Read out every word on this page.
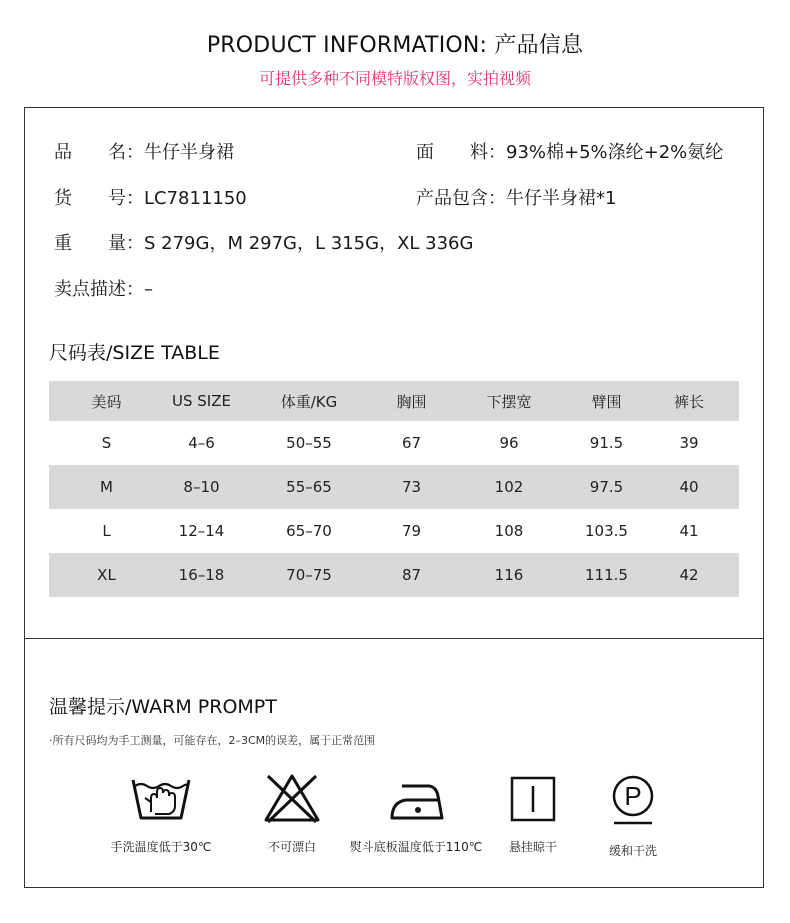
PRODUCT INFORMATION: 产品信息
可提供多种不同模特版权图，实拍视频
品　　名：牛仔半身裙	面　　料：93%棉+5%涤纶+2%氨纶
货　　号：LC7811150	产品包含：牛仔半身裙*1
重　　量：S 279G，M 297G，L 315G，XL 336G
卖点描述：–
尺码表/SIZE TABLE
美码	US SIZE	体重/KG	胸围	下摆宽	臂围	裤长
S	4–6	50–55	67	96	91.5	39
M	8–10	55–65	73	102	97.5	40
L	12–14	65–70	79	108	103.5	41
XL	16–18	70–75	87	116	111.5	42
温馨提示/WARM PROMPT
·所有尺码均为手工测量，可能存在，2–3CM的误差，属于正常范围
手洗温度低于30℃	不可漂白	熨斗底板温度低于110℃	悬挂晾干
P
缓和干洗
